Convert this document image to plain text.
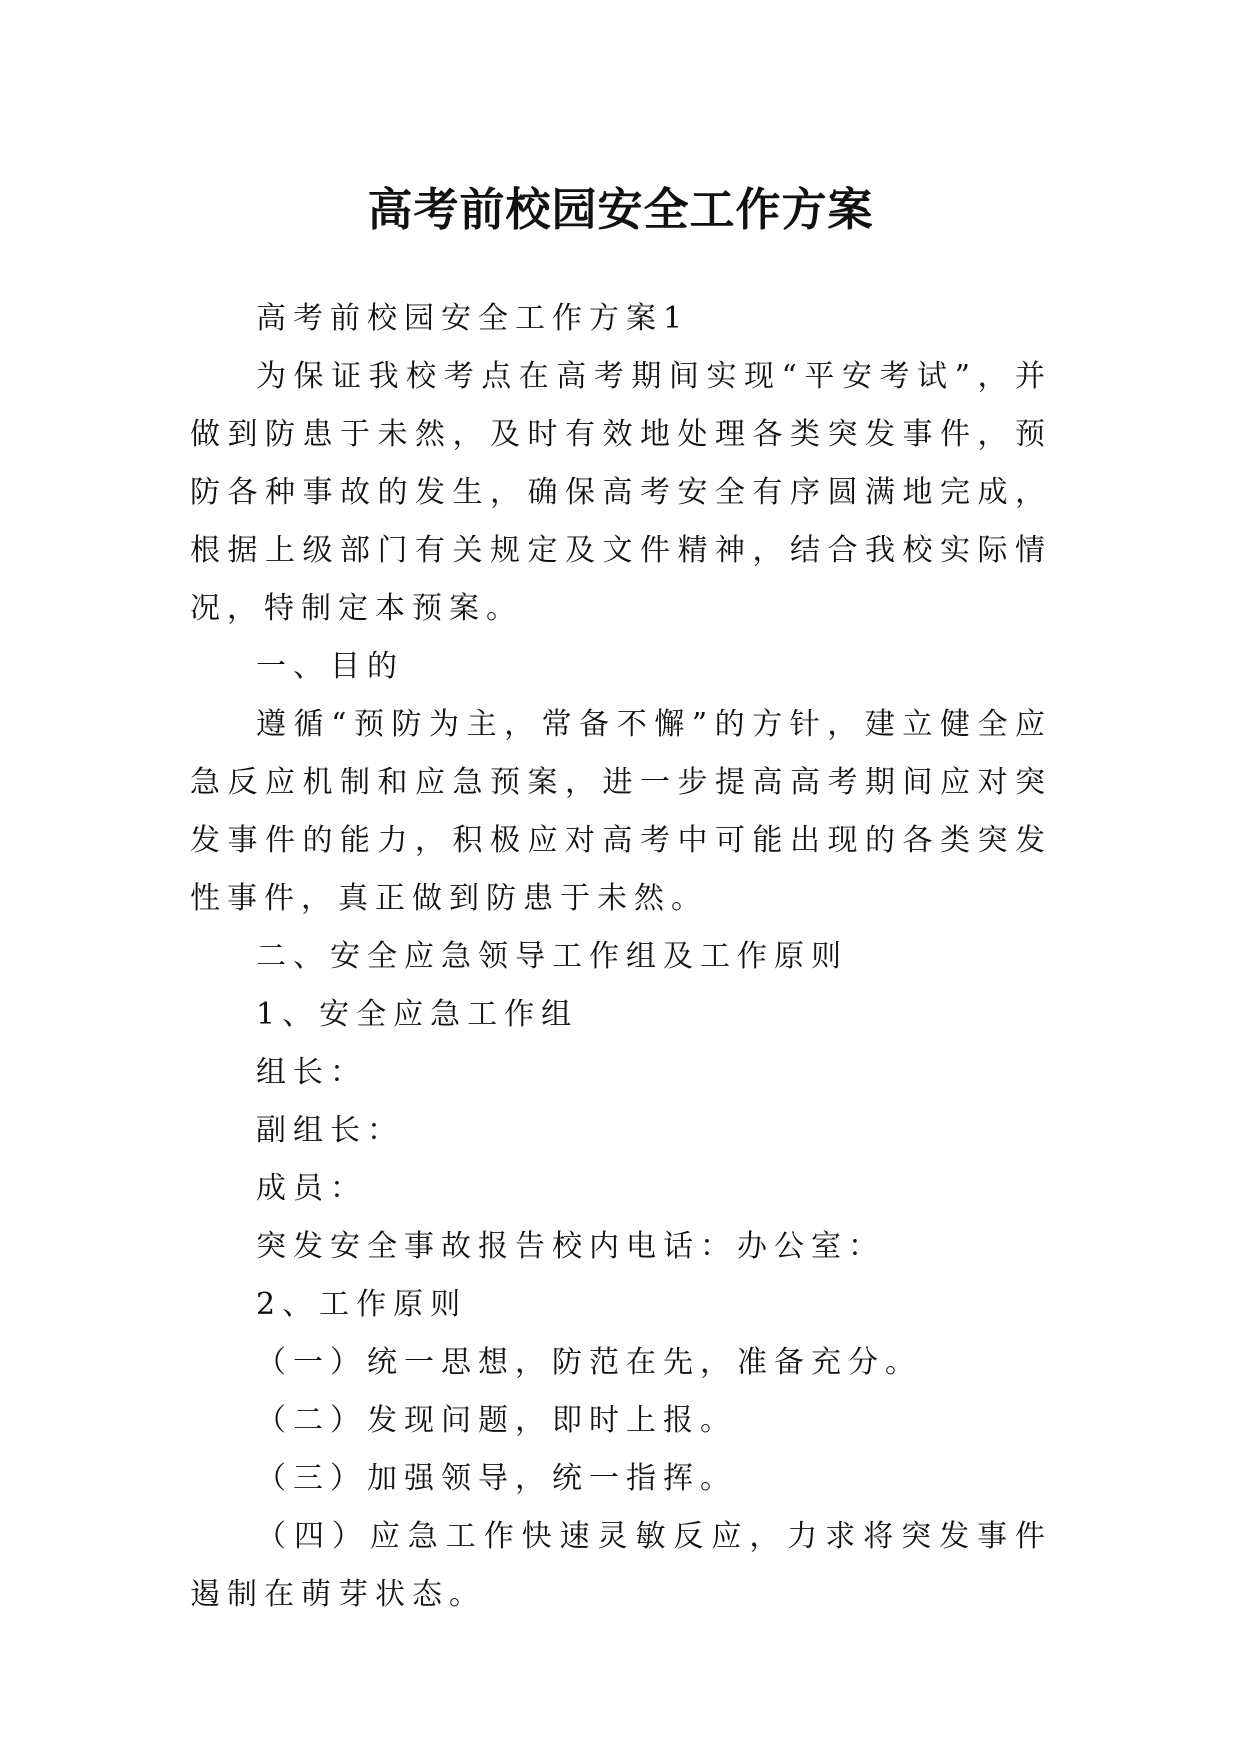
高考前校园安全工作方案

高考前校园安全工作方案1

为保证我校考点在高考期间实现“平安考试”，并做到防患于未然，及时有效地处理各类突发事件，预防各种事故的发生，确保高考安全有序圆满地完成，根据上级部门有关规定及文件精神，结合我校实际情况，特制定本预案。

一、目的

遵循“预防为主，常备不懈”的方针，建立健全应急反应机制和应急预案，进一步提高高考期间应对突发事件的能力，积极应对高考中可能出现的各类突发性事件，真正做到防患于未然。

二、安全应急领导工作组及工作原则

1、安全应急工作组

组长：

副组长：

成员：

突发安全事故报告校内电话：办公室：

2、工作原则

（一）统一思想，防范在先，准备充分。

（二）发现问题，即时上报。

（三）加强领导，统一指挥。

（四）应急工作快速灵敏反应，力求将突发事件遏制在萌芽状态。
